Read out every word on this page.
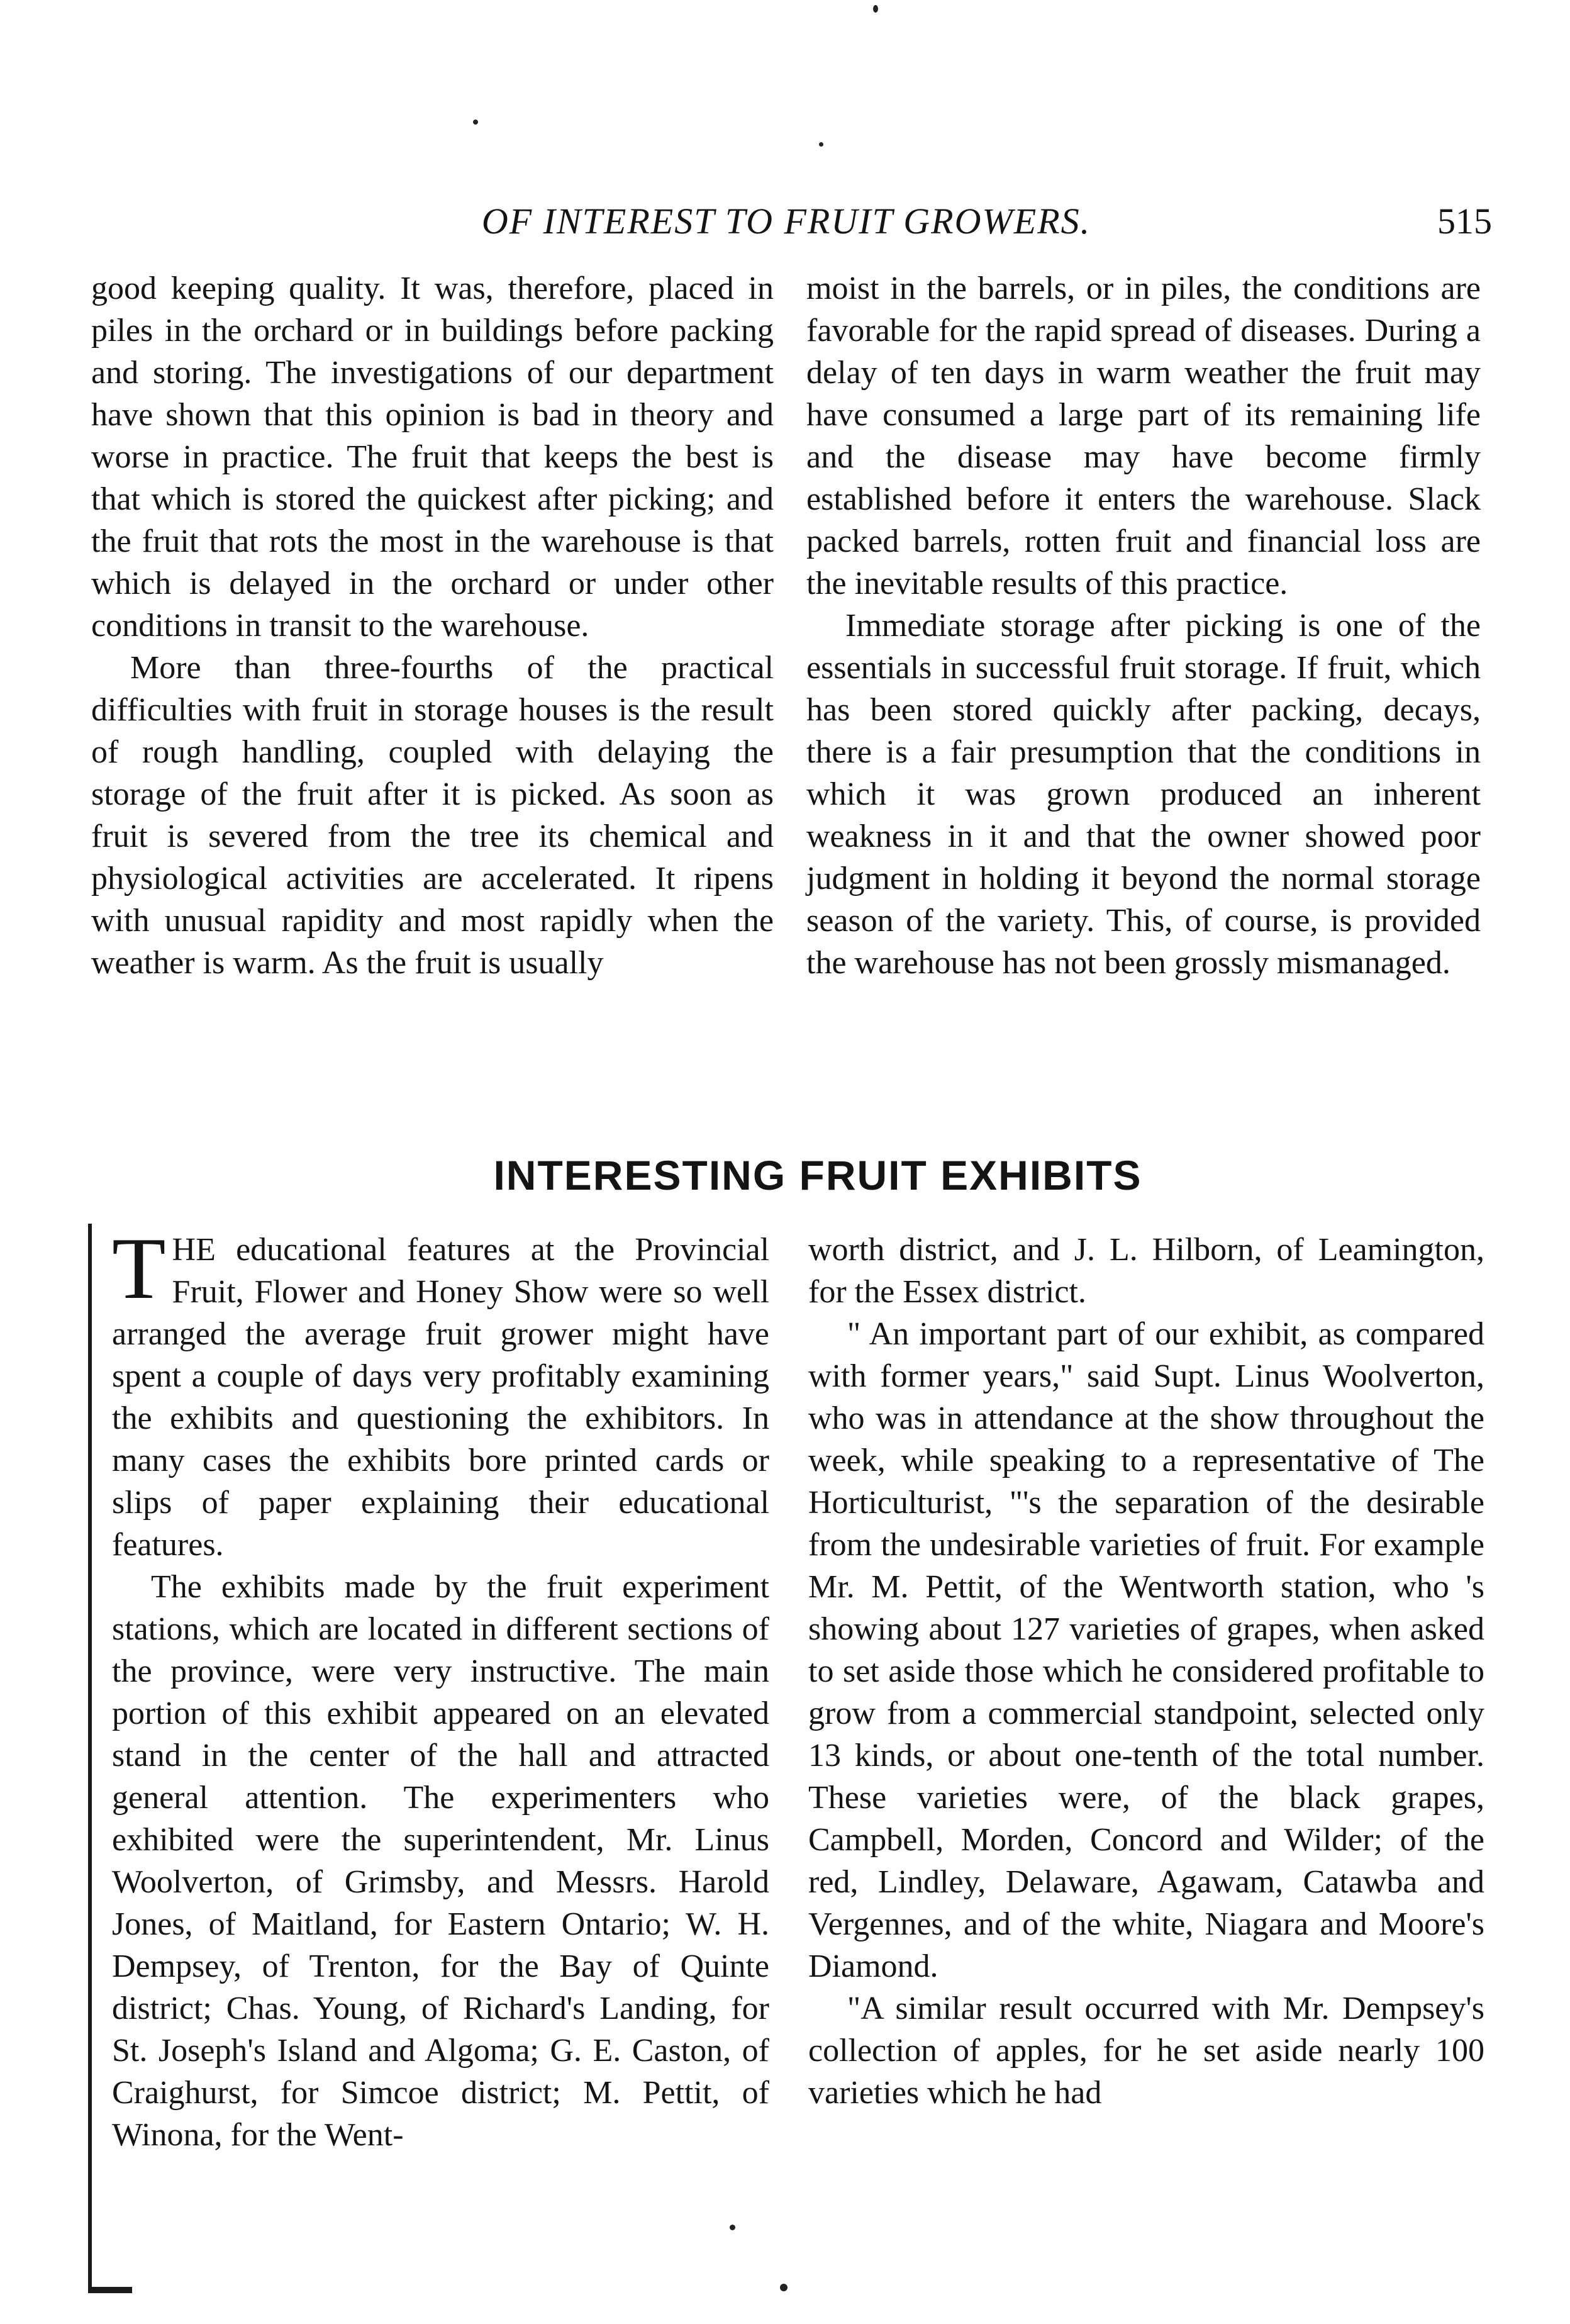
OF INTEREST TO FRUIT GROWERS.	515

good keeping quality. It was, therefore, placed in piles in the orchard or in buildings before packing and storing. The investigations of our department have shown that this opinion is bad in theory and worse in practice. The fruit that keeps the best is that which is stored the quickest after picking; and the fruit that rots the most in the warehouse is that which is delayed in the orchard or under other conditions in transit to the warehouse.

More than three-fourths of the practical difficulties with fruit in storage houses is the result of rough handling, coupled with delaying the storage of the fruit after it is picked. As soon as fruit is severed from the tree its chemical and physiological activities are accelerated. It ripens with unusual rapidity and most rapidly when the weather is warm. As the fruit is usually

moist in the barrels, or in piles, the conditions are favorable for the rapid spread of diseases. During a delay of ten days in warm weather the fruit may have consumed a large part of its remaining life and the disease may have become firmly established before it enters the warehouse. Slack packed barrels, rotten fruit and financial loss are the inevitable results of this practice.

Immediate storage after picking is one of the essentials in successful fruit storage. If fruit, which has been stored quickly after packing, decays, there is a fair presumption that the conditions in which it was grown produced an inherent weakness in it and that the owner showed poor judgment in holding it beyond the normal storage season of the variety. This, of course, is provided the warehouse has not been grossly mismanaged.

INTERESTING FRUIT EXHIBITS

THE educational features at the Provincial Fruit, Flower and Honey Show were so well arranged the average fruit grower might have spent a couple of days very profitably examining the exhibits and questioning the exhibitors. In many cases the exhibits bore printed cards or slips of paper explaining their educational features.

The exhibits made by the fruit experiment stations, which are located in different sections of the province, were very instructive. The main portion of this exhibit appeared on an elevated stand in the center of the hall and attracted general attention. The experimenters who exhibited were the superintendent, Mr. Linus Woolverton, of Grimsby, and Messrs. Harold Jones, of Maitland, for Eastern Ontario; W. H. Dempsey, of Trenton, for the Bay of Quinte district; Chas. Young, of Richard's Landing, for St. Joseph's Island and Algoma; G. E. Caston, of Craighurst, for Simcoe district; M. Pettit, of Winona, for the Went-

worth district, and J. L. Hilborn, of Leamington, for the Essex district.

" An important part of our exhibit, as compared with former years," said Supt. Linus Woolverton, who was in attendance at the show throughout the week, while speaking to a representative of The Horticulturist, "'s the separation of the desirable from the undesirable varieties of fruit. For example Mr. M. Pettit, of the Wentworth station, who 's showing about 127 varieties of grapes, when asked to set aside those which he considered profitable to grow from a commercial standpoint, selected only 13 kinds, or about one-tenth of the total number. These varieties were, of the black grapes, Campbell, Morden, Concord and Wilder; of the red, Lindley, Delaware, Agawam, Catawba and Vergennes, and of the white, Niagara and Moore's Diamond.

"A similar result occurred with Mr. Dempsey's collection of apples, for he set aside nearly 100 varieties which he had
